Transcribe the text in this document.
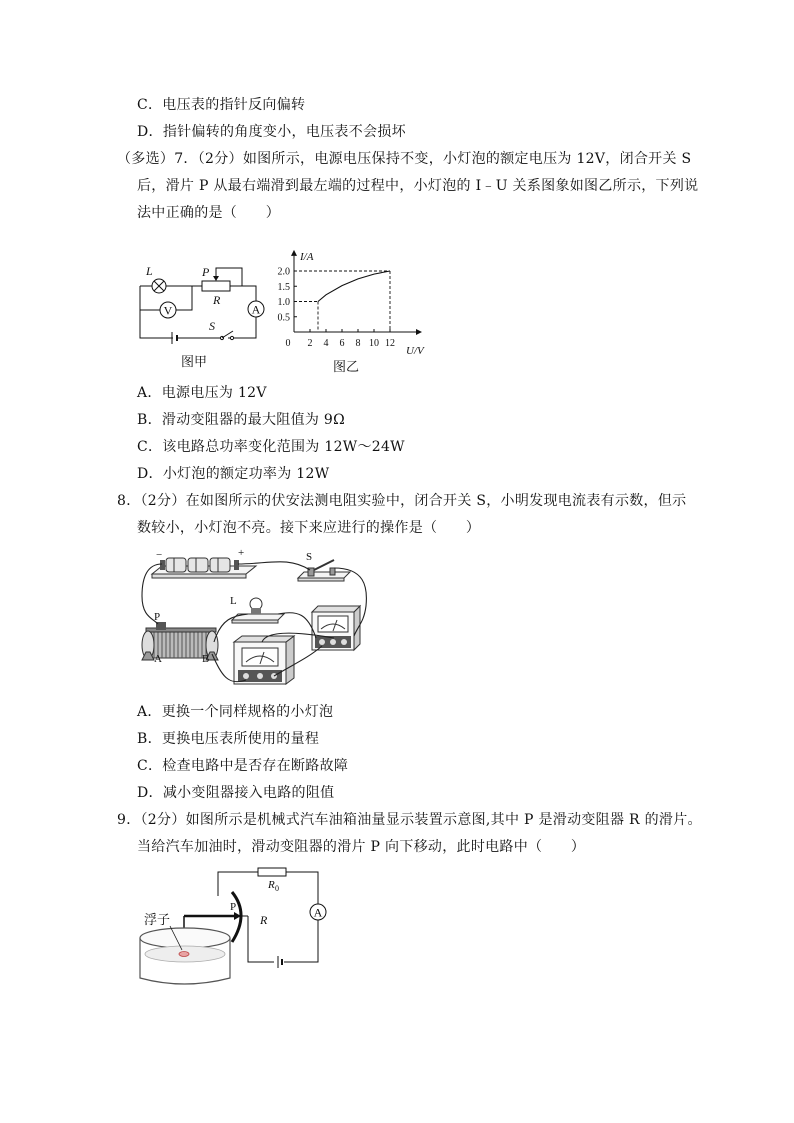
C．电压表的指针反向偏转
D．指针偏转的角度变小，电压表不会损坏
（多选）7．（2分）如图所示，电源电压保持不变，小灯泡的额定电压为 12V，闭合开关 S
后，滑片 P 从最右端滑到最左端的过程中，小灯泡的 I﹣U 关系图象如图乙所示，下列说
法中正确的是（　　）
V	A
L	P
R
S
图甲
I/A
U/V
0
0.5
1.0
1.5
2.0
2 4 6 8 10 12
图乙
A．电源电压为 12V
B．滑动变阻器的最大阻值为 9Ω
C．该电路总功率变化范围为 12W～24W
D．小灯泡的额定功率为 12W
8．（2分）在如图所示的伏安法测电阻实验中，闭合开关 S，小明发现电流表有示数，但示
数较小，小灯泡不亮。接下来应进行的操作是（　　）
−	+	S
L
P
A	B
A．更换一个同样规格的小灯泡
B．更换电压表所使用的量程
C．检查电路中是否存在断路故障
D．减小变阻器接入电路的阻值
9．（2分）如图所示是机械式汽车油箱油量显示装置示意图,其中 P 是滑动变阻器 R 的滑片。
当给汽车加油时，滑动变阻器的滑片 P 向下移动，此时电路中（　　）
R 0
A
R
P
浮子
